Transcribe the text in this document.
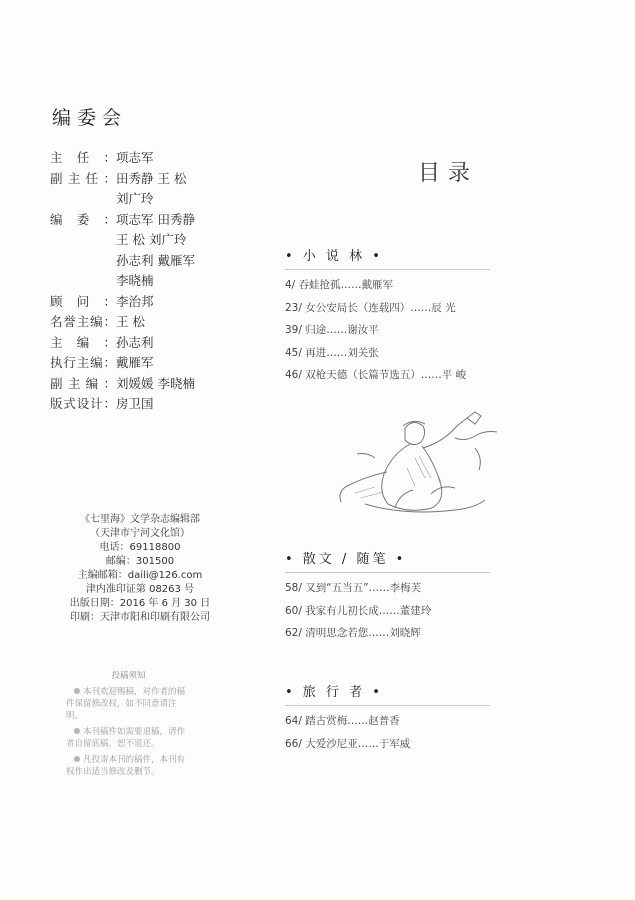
编委会
主任： 项志军
副主任： 田秀静 王 松
刘广玲
编委： 项志军 田秀静
王 松 刘广玲
孙志利 戴雁军
李晓楠
顾问： 李治邦
名誉主编： 王 松
主编： 孙志利
执行主编： 戴雁军
副主编： 刘媛媛 李晓楠
版式设计： 房卫国
《七里海》文学杂志编辑部
（天津市宁河文化馆）
电话：69118800
邮编：301500
主编邮箱：daili@126.com
津内准印证第 08263 号
出版日期：2016 年 6 月 30 日
印刷：天津市阳和印刷有限公司
投稿须知
本刊欢迎赐稿，对作者的稿件保留修改权，如不同意请注明。
本刊稿件如需要退稿，请作者自留底稿，恕不退还。
凡投寄本刊的稿件，本刊有权作出适当修改及删节。
目录
• 小 说 林 •
4/ 吞蛙抢孤……戴雁军
23/ 女公安局长（连载四）……辰 光
39/ 归途……谢汝平
45/ 再进……刘关张
46/ 双枪天德（长篇节选五）……平 峻
• 散文 / 随笔 •
58/ 又到“五当五”……李梅芙
60/ 我家有儿初长成……董建玲
62/ 清明思念若您……刘晓辉
• 旅 行 者 •
64/ 踏古赏梅……赵普香
66/ 大爱沙尼亚……于军威
